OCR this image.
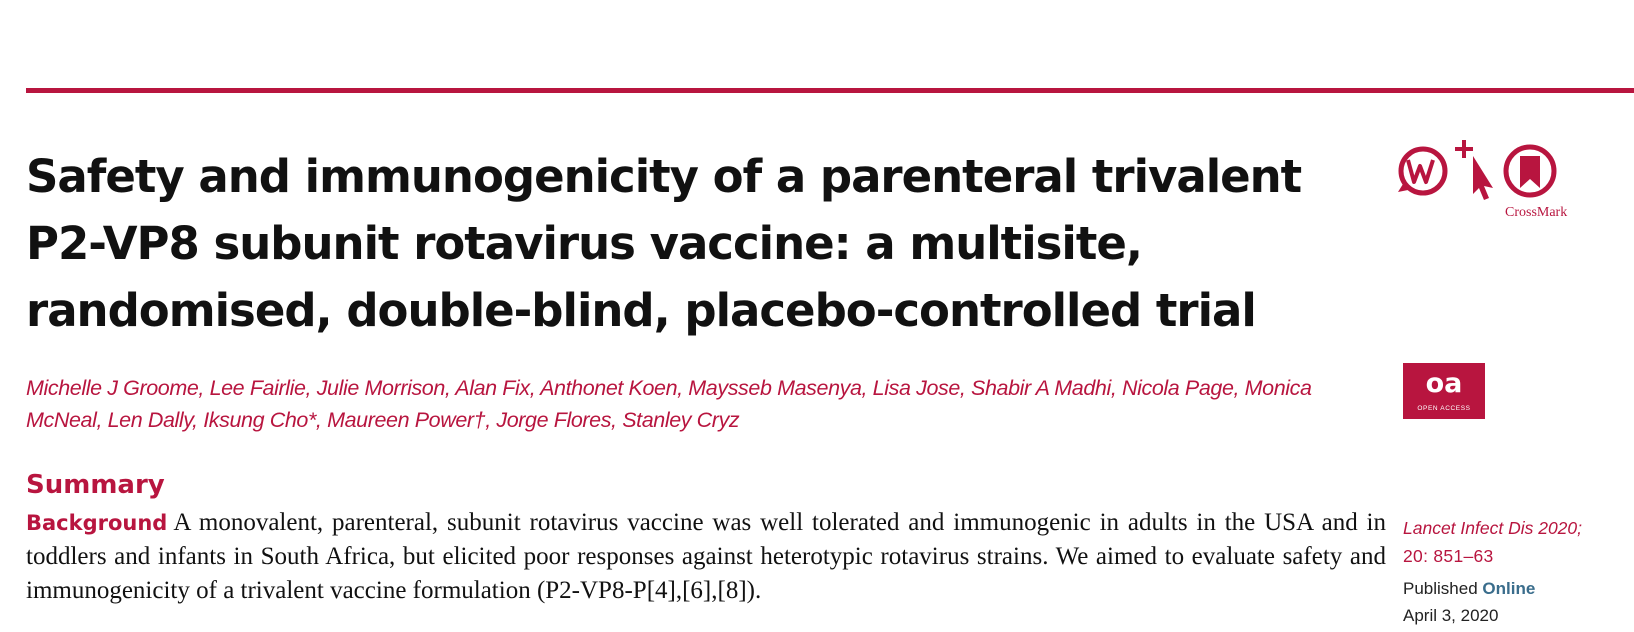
Safety and immunogenicity of a parenteral trivalent P2-VP8 subunit rotavirus vaccine: a multisite, randomised, double-blind, placebo-controlled trial
CrossMark

Michelle J Groome, Lee Fairlie, Julie Morrison, Alan Fix, Anthonet Koen, Maysseb Masenya, Lisa Jose, Shabir A Madhi, Nicola Page, Monica McNeal, Len Dally, Iksung Cho*, Maureen Power†, Jorge Flores, Stanley Cryz

oa
OPEN ACCESS
Summary

Background A monovalent, parenteral, subunit rotavirus vaccine was well tolerated and immunogenic in adults in the USA and in toddlers and infants in South Africa, but elicited poor responses against heterotypic rotavirus strains. We aimed to evaluate safety and immunogenicity of a trivalent vaccine formulation (P2-VP8-P[4],[6],[8]).

Lancet Infect Dis 2020;
20: 851–63

Published Online

April 3, 2020
